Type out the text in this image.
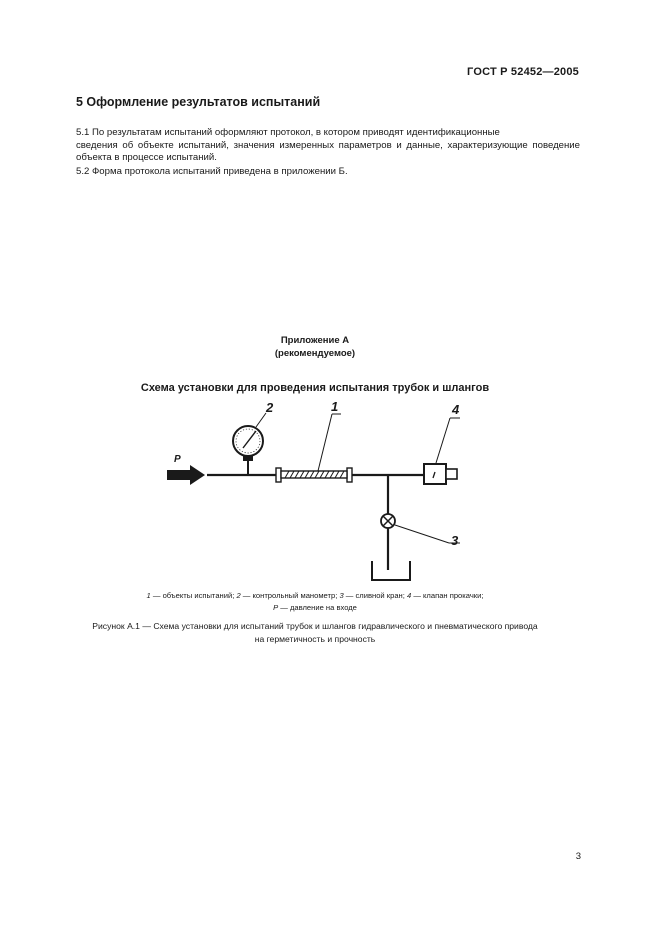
ГОСТ Р 52452—2005
5 Оформление результатов испытаний
5.1 По результатам испытаний оформляют протокол, в котором приводят идентификационные
сведения об объекте испытаний, значения измеренных параметров и данные, характеризующие поведение объекта в процессе испытаний.
5.2 Форма протокола испытаний приведена в приложении Б.
Приложение А
(рекомендуемое)
Схема установки для проведения испытания трубок и шлангов
P
2	1	4
3
1 — объекты испытаний; 2 — контрольный манометр; 3 — сливной кран; 4 — клапан прокачки;
P — давление на входе
Рисунок А.1 — Схема установки для испытаний трубок и шлангов гидравлического и пневматического привода
на герметичность и прочность
3
